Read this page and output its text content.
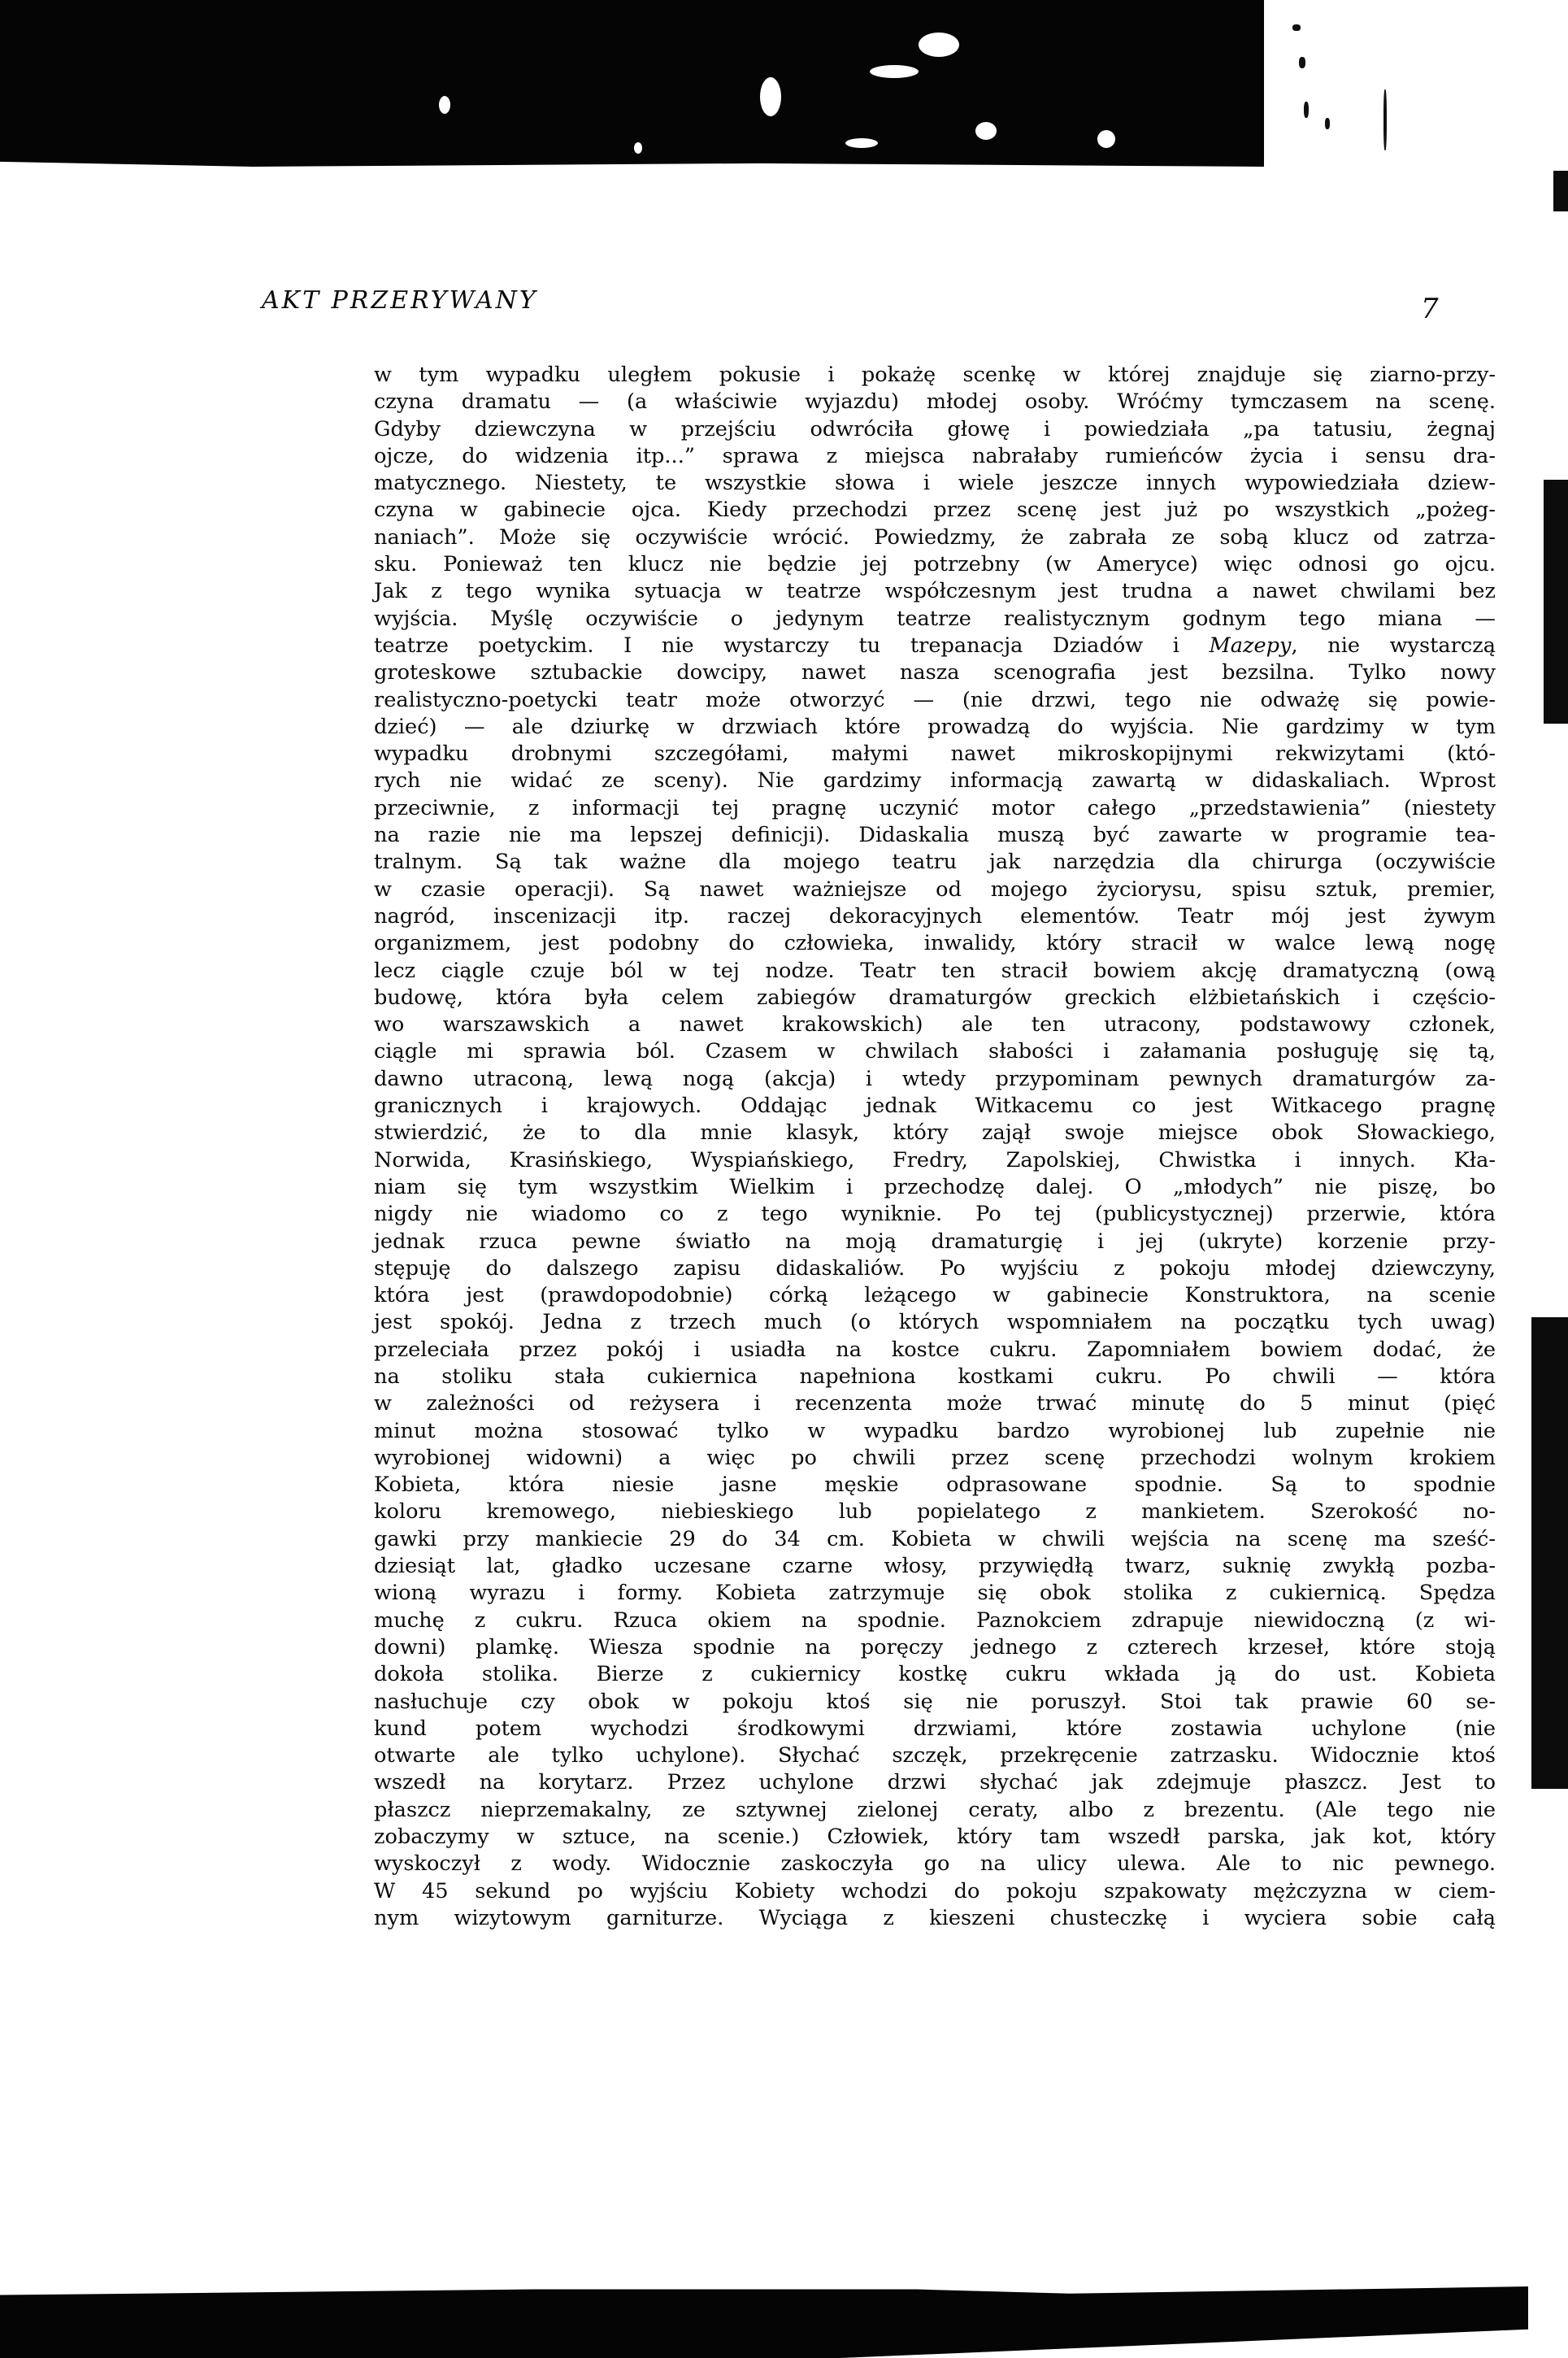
AKT PRZERYWANY	7
w tym wypadku uległem pokusie i pokażę scenkę w której znajduje się ziarno-przy-
czyna dramatu — (a właściwie wyjazdu) młodej osoby. Wróćmy tymczasem na scenę.
Gdyby dziewczyna w przejściu odwróciła głowę i powiedziała „pa tatusiu, żegnaj
ojcze, do widzenia itp...” sprawa z miejsca nabrałaby rumieńców życia i sensu dra-
matycznego. Niestety, te wszystkie słowa i wiele jeszcze innych wypowiedziała dziew-
czyna w gabinecie ojca. Kiedy przechodzi przez scenę jest już po wszystkich „pożeg-
naniach”. Może się oczywiście wrócić. Powiedzmy, że zabrała ze sobą klucz od zatrza-
sku. Ponieważ ten klucz nie będzie jej potrzebny (w Ameryce) więc odnosi go ojcu.
Jak z tego wynika sytuacja w teatrze współczesnym jest trudna a nawet chwilami bez
wyjścia. Myślę oczywiście o jedynym teatrze realistycznym godnym tego miana —
teatrze poetyckim. I nie wystarczy tu trepanacja Dziadów i Mazepy, nie wystarczą
groteskowe sztubackie dowcipy, nawet nasza scenografia jest bezsilna. Tylko nowy
realistyczno-poetycki teatr może otworzyć — (nie drzwi, tego nie odważę się powie-
dzieć) — ale dziurkę w drzwiach które prowadzą do wyjścia. Nie gardzimy w tym
wypadku drobnymi szczegółami, małymi nawet mikroskopijnymi rekwizytami (któ-
rych nie widać ze sceny). Nie gardzimy informacją zawartą w didaskaliach. Wprost
przeciwnie, z informacji tej pragnę uczynić motor całego „przedstawienia” (niestety
na razie nie ma lepszej definicji). Didaskalia muszą być zawarte w programie tea-
tralnym. Są tak ważne dla mojego teatru jak narzędzia dla chirurga (oczywiście
w czasie operacji). Są nawet ważniejsze od mojego życiorysu, spisu sztuk, premier,
nagród, inscenizacji itp. raczej dekoracyjnych elementów. Teatr mój jest żywym
organizmem, jest podobny do człowieka, inwalidy, który stracił w walce lewą nogę
lecz ciągle czuje ból w tej nodze. Teatr ten stracił bowiem akcję dramatyczną (ową
budowę, która była celem zabiegów dramaturgów greckich elżbietańskich i częścio-
wo warszawskich a nawet krakowskich) ale ten utracony, podstawowy członek,
ciągle mi sprawia ból. Czasem w chwilach słabości i załamania posługuję się tą,
dawno utraconą, lewą nogą (akcja) i wtedy przypominam pewnych dramaturgów za-
granicznych i krajowych. Oddając jednak Witkacemu co jest Witkacego pragnę
stwierdzić, że to dla mnie klasyk, który zajął swoje miejsce obok Słowackiego,
Norwida, Krasińskiego, Wyspiańskiego, Fredry, Zapolskiej, Chwistka i innych. Kła-
niam się tym wszystkim Wielkim i przechodzę dalej. O „młodych” nie piszę, bo
nigdy nie wiadomo co z tego wyniknie. Po tej (publicystycznej) przerwie, która
jednak rzuca pewne światło na moją dramaturgię i jej (ukryte) korzenie przy-
stępuję do dalszego zapisu didaskaliów. Po wyjściu z pokoju młodej dziewczyny,
która jest (prawdopodobnie) córką leżącego w gabinecie Konstruktora, na scenie
jest spokój. Jedna z trzech much (o których wspomniałem na początku tych uwag)
przeleciała przez pokój i usiadła na kostce cukru. Zapomniałem bowiem dodać, że
na stoliku stała cukiernica napełniona kostkami cukru. Po chwili — która
w zależności od reżysera i recenzenta może trwać minutę do 5 minut (pięć
minut można stosować tylko w wypadku bardzo wyrobionej lub zupełnie nie
wyrobionej widowni) a więc po chwili przez scenę przechodzi wolnym krokiem
Kobieta, która niesie jasne męskie odprasowane spodnie. Są to spodnie
koloru kremowego, niebieskiego lub popielatego z mankietem. Szerokość no-
gawki przy mankiecie 29 do 34 cm. Kobieta w chwili wejścia na scenę ma sześć-
dziesiąt lat, gładko uczesane czarne włosy, przywiędłą twarz, suknię zwykłą pozba-
wioną wyrazu i formy. Kobieta zatrzymuje się obok stolika z cukiernicą. Spędza
muchę z cukru. Rzuca okiem na spodnie. Paznokciem zdrapuje niewidoczną (z wi-
downi) plamkę. Wiesza spodnie na poręczy jednego z czterech krzeseł, które stoją
dokoła stolika. Bierze z cukiernicy kostkę cukru wkłada ją do ust. Kobieta
nasłuchuje czy obok w pokoju ktoś się nie poruszył. Stoi tak prawie 60 se-
kund potem wychodzi środkowymi drzwiami, które zostawia uchylone (nie
otwarte ale tylko uchylone). Słychać szczęk, przekręcenie zatrzasku. Widocznie ktoś
wszedł na korytarz. Przez uchylone drzwi słychać jak zdejmuje płaszcz. Jest to
płaszcz nieprzemakalny, ze sztywnej zielonej ceraty, albo z brezentu. (Ale tego nie
zobaczymy w sztuce, na scenie.) Człowiek, który tam wszedł parska, jak kot, który
wyskoczył z wody. Widocznie zaskoczyła go na ulicy ulewa. Ale to nic pewnego.
W 45 sekund po wyjściu Kobiety wchodzi do pokoju szpakowaty mężczyzna w ciem-
nym wizytowym garniturze. Wyciąga z kieszeni chusteczkę i wyciera sobie całą
